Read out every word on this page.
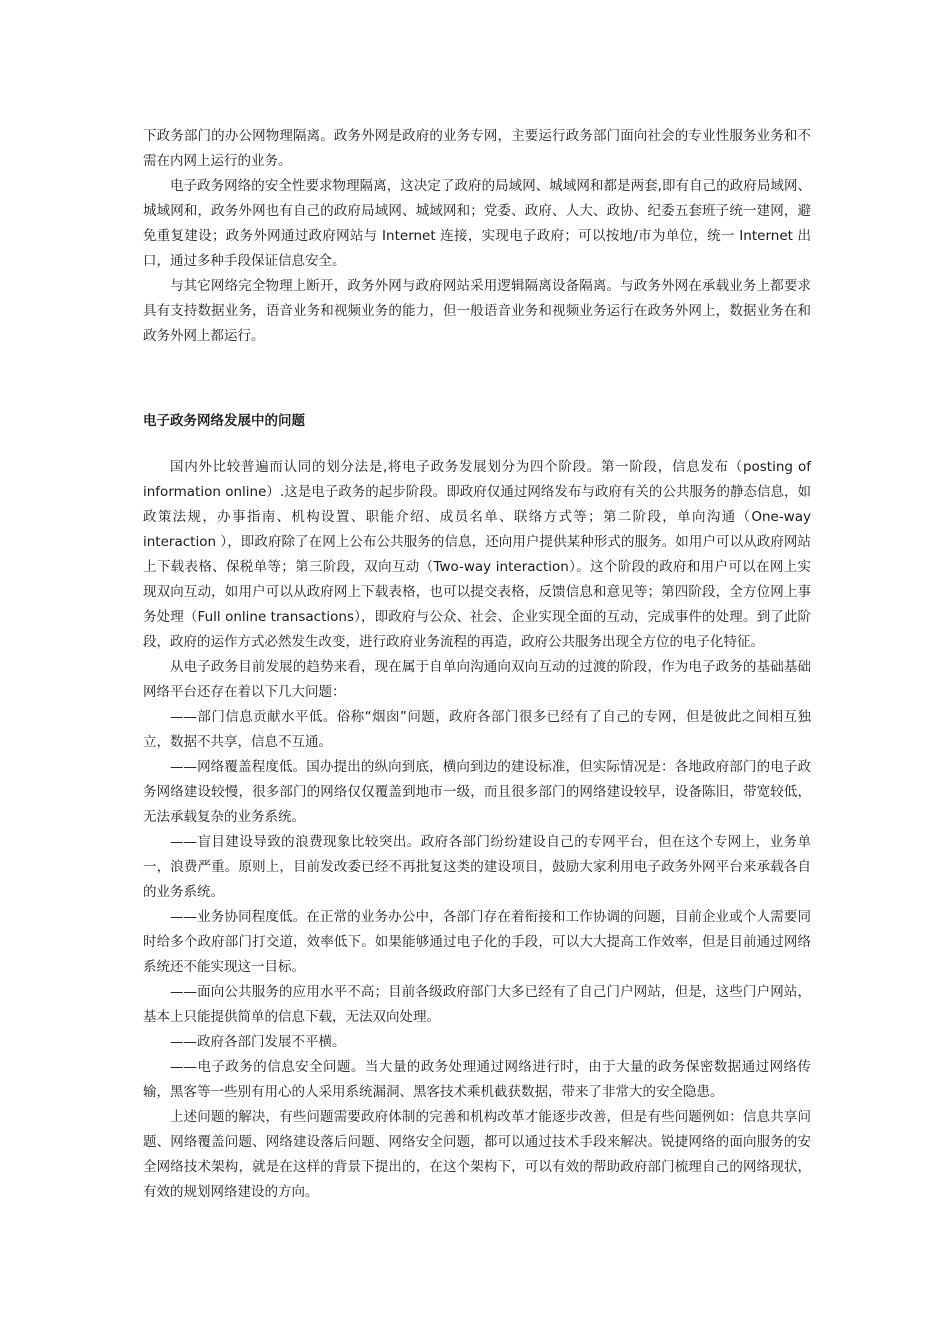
下政务部门的办公网物理隔离。政务外网是政府的业务专网，主要运行政务部门面向社会的专业性服务业务和不需在内网上运行的业务。

电子政务网络的安全性要求物理隔离，这决定了政府的局域网、城域网和都是两套,即有自己的政府局域网、城域网和，政务外网也有自己的政府局域网、城域网和；党委、政府、人大、政协、纪委五套班子统一建网，避免重复建设；政务外网通过政府网站与 Internet 连接，实现电子政府；可以按地/市为单位，统一 Internet 出口，通过多种手段保证信息安全。

与其它网络完全物理上断开，政务外网与政府网站采用逻辑隔离设备隔离。与政务外网在承载业务上都要求具有支持数据业务，语音业务和视频业务的能力，但一般语音业务和视频业务运行在政务外网上，数据业务在和政务外网上都运行。

电子政务网络发展中的问题

国内外比较普遍而认同的划分法是,将电子政务发展划分为四个阶段。第一阶段，信息发布（posting of information online）.这是电子政务的起步阶段。即政府仅通过网络发布与政府有关的公共服务的静态信息，如政策法规，办事指南、机构设置、职能介绍、成员名单、联络方式等；第二阶段，单向沟通（One-way interaction ），即政府除了在网上公布公共服务的信息，还向用户提供某种形式的服务。如用户可以从政府网站上下载表格、保税单等；第三阶段，双向互动（Two-way interaction）。这个阶段的政府和用户可以在网上实现双向互动，如用户可以从政府网上下载表格，也可以提交表格，反馈信息和意见等；第四阶段，全方位网上事务处理（Full online transactions），即政府与公众、社会、企业实现全面的互动，完成事件的处理。到了此阶段，政府的运作方式必然发生改变，进行政府业务流程的再造，政府公共服务出现全方位的电子化特征。

从电子政务目前发展的趋势来看，现在属于自单向沟通向双向互动的过渡的阶段，作为电子政务的基础基础网络平台还存在着以下几大问题：

——部门信息贡献水平低。俗称“烟囱”问题，政府各部门很多已经有了自己的专网，但是彼此之间相互独立，数据不共享，信息不互通。

——网络覆盖程度低。国办提出的纵向到底，横向到边的建设标准，但实际情况是：各地政府部门的电子政务网络建设较慢，很多部门的网络仅仅覆盖到地市一级，而且很多部门的网络建设较早，设备陈旧，带宽较低，无法承载复杂的业务系统。

——盲目建设导致的浪费现象比较突出。政府各部门纷纷建设自己的专网平台，但在这个专网上，业务单一，浪费严重。原则上，目前发改委已经不再批复这类的建设项目，鼓励大家利用电子政务外网平台来承载各自的业务系统。

——业务协同程度低。在正常的业务办公中，各部门存在着衔接和工作协调的问题，目前企业或个人需要同时给多个政府部门打交道，效率低下。如果能够通过电子化的手段，可以大大提高工作效率，但是目前通过网络系统还不能实现这一目标。

——面向公共服务的应用水平不高；目前各级政府部门大多已经有了自己门户网站，但是，这些门户网站，基本上只能提供简单的信息下载，无法双向处理。

——政府各部门发展不平横。

——电子政务的信息安全问题。当大量的政务处理通过网络进行时，由于大量的政务保密数据通过网络传输，黑客等一些别有用心的人采用系统漏洞、黑客技术乘机截获数据，带来了非常大的安全隐患。

上述问题的解决，有些问题需要政府体制的完善和机构改革才能逐步改善，但是有些问题例如：信息共享问题、网络覆盖问题、网络建设落后问题、网络安全问题，都可以通过技术手段来解决。锐捷网络的面向服务的安全网络技术架构，就是在这样的背景下提出的，在这个架构下，可以有效的帮助政府部门梳理自己的网络现状，有效的规划网络建设的方向。
